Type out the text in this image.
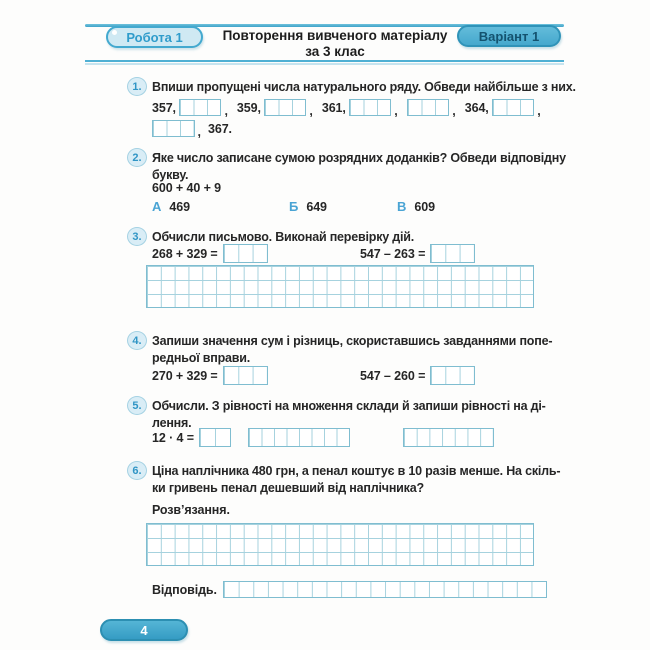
Робота 1	Повторення вивченого матеріалу
за 3 клас
Варіант 1
1. Впиши пропущені числа натурального ряду. Обведи найбільше з них.
357,	, 359,	, 361,	,	, 364,	,
, 367.
2. Яке число записане сумою розрядних доданків? Обведи відповідну
букву.
600 + 40 + 9
А 469	Б 649	В 609
3. Обчисли письмово. Виконай перевірку дій.
268 + 329 =	547 – 263 =
4. Запиши значення сум і різниць, скориставшись завданнями попе-
редньої вправи.
270 + 329 =	547 – 260 =
5. Обчисли. З рівності на множення склади й запиши рівності на ді-
лення.
12 · 4 =
6. Ціна наплічника 480 грн, а пенал коштує в 10 разів менше. На скіль-
ки гривень пенал дешевший від наплічника?
Розв’язання.
Відповідь.
4
